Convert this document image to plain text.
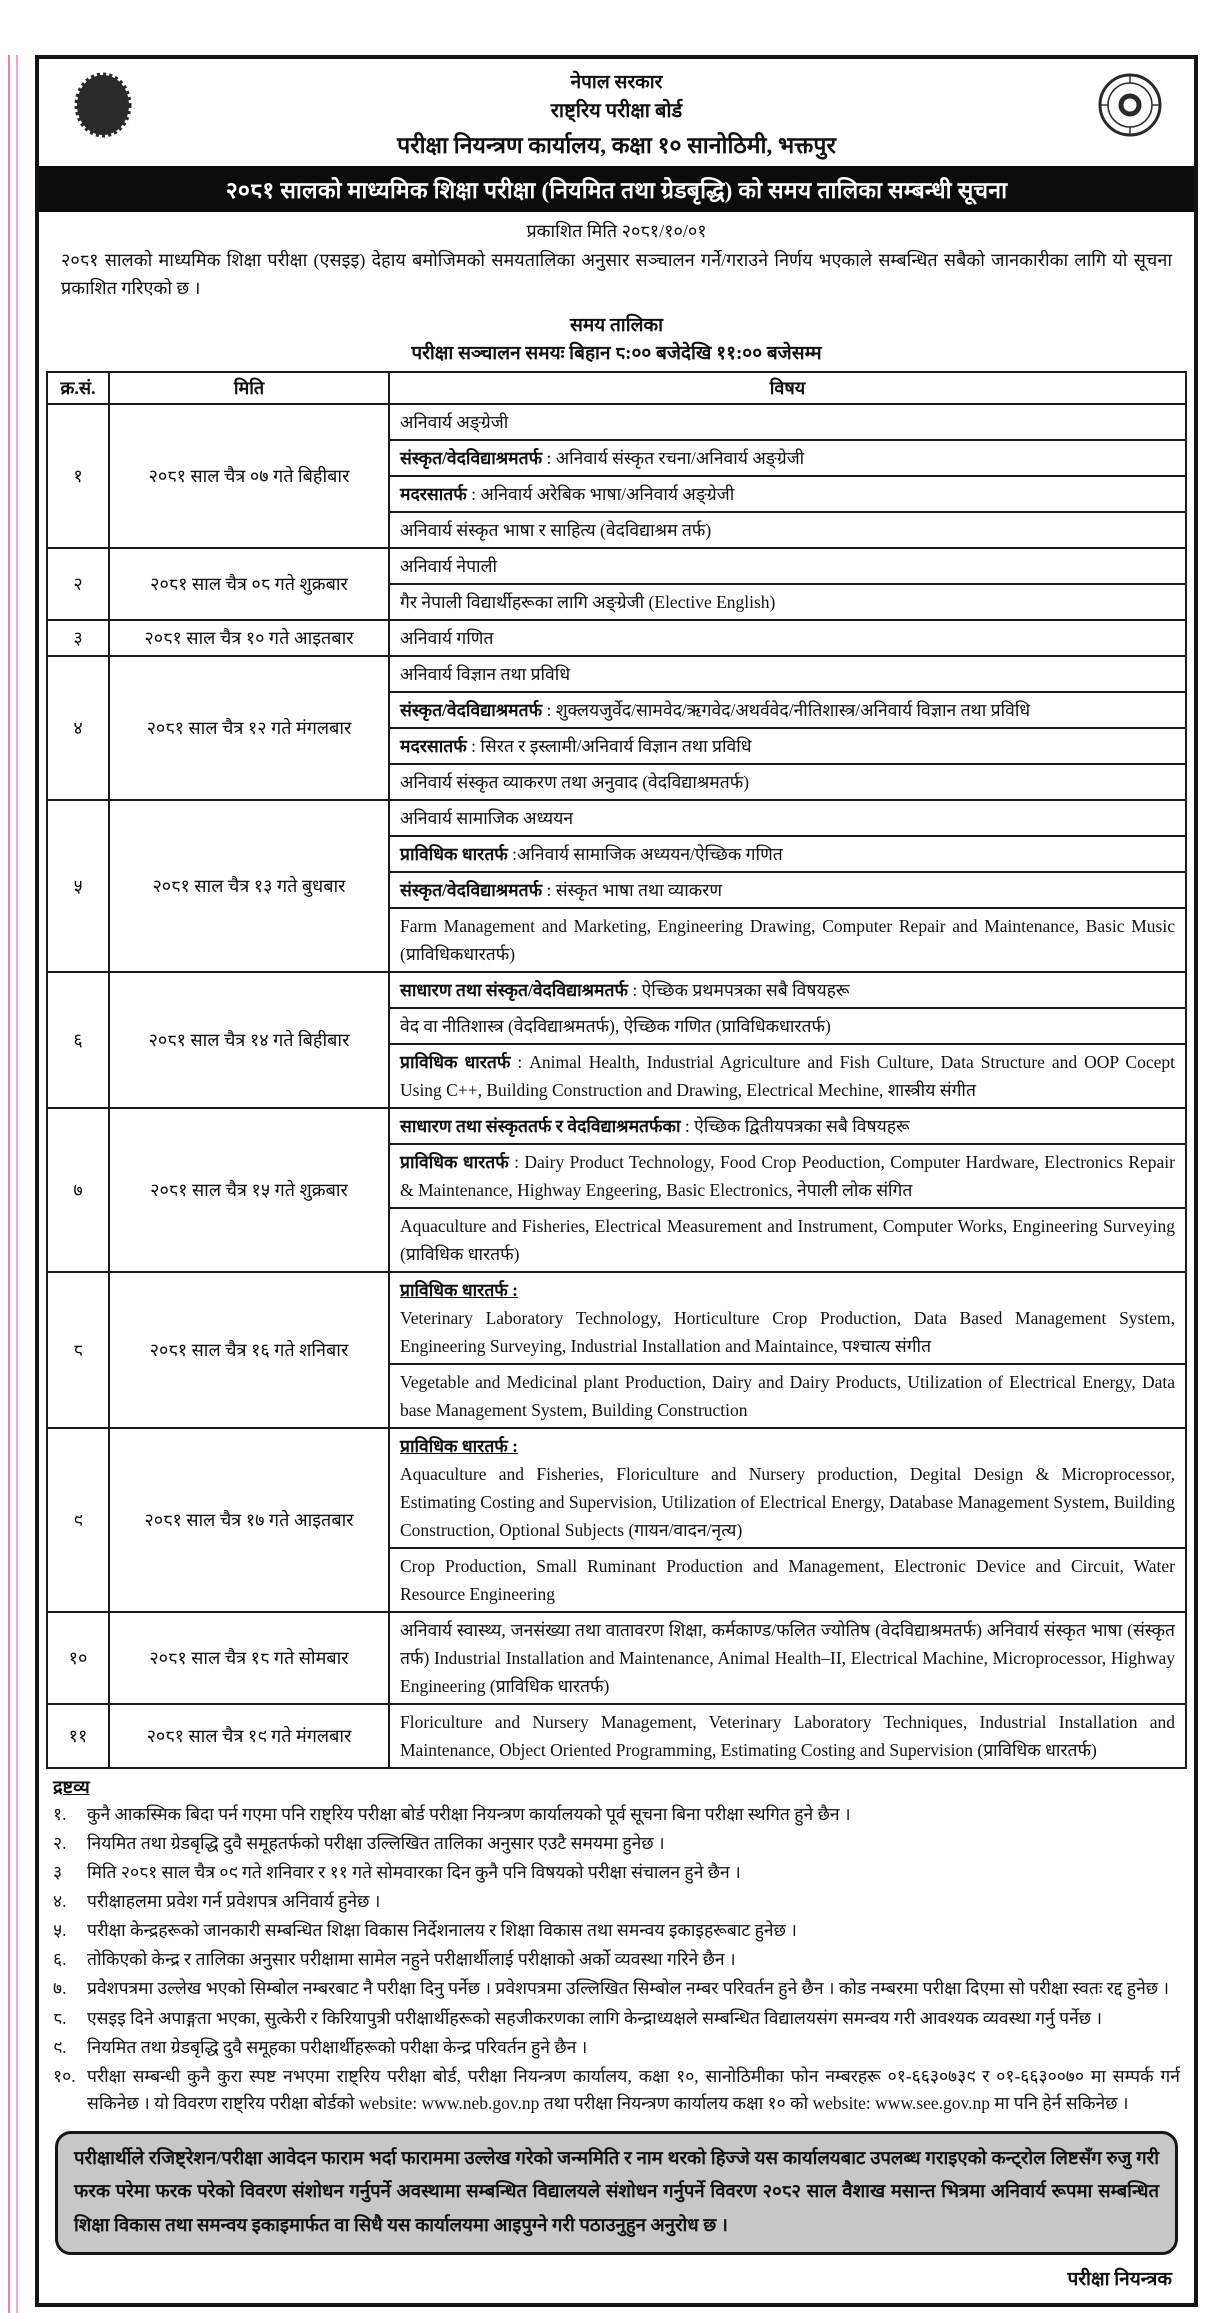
नेपाल सरकार
राष्ट्रिय परीक्षा बोर्ड
परीक्षा नियन्त्रण कार्यालय, कक्षा १० सानोठिमी, भक्तपुर
२०८१ सालको माध्यमिक शिक्षा परीक्षा (नियमित तथा ग्रेडबृद्धि) को समय तालिका सम्बन्धी सूचना
प्रकाशित मिति २०८१/१०/०१

२०८१ सालको माध्यमिक शिक्षा परीक्षा (एसइइ) देहाय बमोजिमको समयतालिका अनुसार सञ्चालन गर्ने/गराउने निर्णय भएकाले सम्बन्धित सबैको जानकारीका लागि यो सूचना प्रकाशित गरिएको छ ।

समय तालिका
परीक्षा सञ्चालन समयः बिहान ८:०० बजेदेखि ११:०० बजेसम्म
क्र.सं.	मिति	विषय
१	२०८१ साल चैत्र ०७ गते बिहीबार	अनिवार्य अङ्ग्रेजी
		संस्कृत/वेदविद्याश्रमतर्फ : अनिवार्य संस्कृत रचना/अनिवार्य अङ्ग्रेजी
		मदरसातर्फ : अनिवार्य अरेबिक भाषा/अनिवार्य अङ्ग्रेजी
		अनिवार्य संस्कृत भाषा र साहित्य (वेदविद्याश्रम तर्फ)
२	२०८१ साल चैत्र ०८ गते शुक्रबार	अनिवार्य नेपाली
		गैर नेपाली विद्यार्थीहरूका लागि अङ्ग्रेजी (Elective English)
३	२०८१ साल चैत्र १० गते आइतबार	अनिवार्य गणित
४	२०८१ साल चैत्र १२ गते मंगलबार	अनिवार्य विज्ञान तथा प्रविधि
		संस्कृत/वेदविद्याश्रमतर्फ : शुक्लयजुर्वेद/सामवेद/ऋगवेद/अथर्ववेद/नीतिशास्त्र/अनिवार्य विज्ञान तथा प्रविधि
		मदरसातर्फ : सिरत र इस्लामी/अनिवार्य विज्ञान तथा प्रविधि
		अनिवार्य संस्कृत व्याकरण तथा अनुवाद (वेदविद्याश्रमतर्फ)
५	२०८१ साल चैत्र १३ गते बुधबार	अनिवार्य सामाजिक अध्ययन
		प्राविधिक धारतर्फ :अनिवार्य सामाजिक अध्ययन/ऐच्छिक गणित
		संस्कृत/वेदविद्याश्रमतर्फ : संस्कृत भाषा तथा व्याकरण
		Farm Management and Marketing, Engineering Drawing, Computer Repair and Maintenance, Basic Music (प्राविधिकधारतर्फ)
६	२०८१ साल चैत्र १४ गते बिहीबार	साधारण तथा संस्कृत/वेदविद्याश्रमतर्फ : ऐच्छिक प्रथमपत्रका सबै विषयहरू
		वेद वा नीतिशास्त्र (वेदविद्याश्रमतर्फ), ऐच्छिक गणित (प्राविधिकधारतर्फ)
		प्राविधिक धारतर्फ : Animal Health, Industrial Agriculture and Fish Culture, Data Structure and OOP Cocept Using C++, Building Construction and Drawing, Electrical Mechine, शास्त्रीय संगीत
७	२०८१ साल चैत्र १५ गते शुक्रबार	साधारण तथा संस्कृततर्फ र वेदविद्याश्रमतर्फका : ऐच्छिक द्वितीयपत्रका सबै विषयहरू
		प्राविधिक धारतर्फ : Dairy Product Technology, Food Crop Peoduction, Computer Hardware, Electronics Repair & Maintenance, Highway Engeering, Basic Electronics, नेपाली लोक संगित
		Aquaculture and Fisheries, Electrical Measurement and Instrument, Computer Works, Engineering Surveying (प्राविधिक धारतर्फ)
८	२०८१ साल चैत्र १६ गते शनिबार	प्राविधिक धारतर्फ :
Veterinary Laboratory Technology, Horticulture Crop Production, Data Based Management System, Engineering Surveying, Industrial Installation and Maintaince, पश्चात्य संगीत
		Vegetable and Medicinal plant Production, Dairy and Dairy Products, Utilization of Electrical Energy, Data base Management System, Building Construction
९	२०८१ साल चैत्र १७ गते आइतबार	प्राविधिक धारतर्फ :
Aquaculture and Fisheries, Floriculture and Nursery production, Degital Design & Microprocessor, Estimating Costing and Supervision, Utilization of Electrical Energy, Database Management System, Building Construction, Optional Subjects (गायन/वादन/नृत्य)
		Crop Production, Small Ruminant Production and Management, Electronic Device and Circuit, Water Resource Engineering
१०	२०८१ साल चैत्र १८ गते सोमबार	अनिवार्य स्वास्थ्य, जनसंख्या तथा वातावरण शिक्षा, कर्मकाण्ड/फलित ज्योतिष (वेदविद्याश्रमतर्फ) अनिवार्य संस्कृत भाषा (संस्कृत तर्फ) Industrial Installation and Maintenance, Animal Health–II, Electrical Machine, Microprocessor, Highway Engineering (प्राविधिक धारतर्फ)
११	२०८१ साल चैत्र १९ गते मंगलबार	Floriculture and Nursery Management, Veterinary Laboratory Techniques, Industrial Installation and Maintenance, Object Oriented Programming, Estimating Costing and Supervision (प्राविधिक धारतर्फ)
द्रष्टव्य
१.	कुनै आकस्मिक बिदा पर्न गएमा पनि राष्ट्रिय परीक्षा बोर्ड परीक्षा नियन्त्रण कार्यालयको पूर्व सूचना बिना परीक्षा स्थगित हुने छैन ।
२.	नियमित तथा ग्रेडबृद्धि दुवै समूहतर्फको परीक्षा उल्लिखित तालिका अनुसार एउटै समयमा हुनेछ ।
३	मिति २०८१ साल चैत्र ०९ गते शनिवार र ११ गते सोमवारका दिन कुनै पनि विषयको परीक्षा संचालन हुने छैन ।
४.	परीक्षाहलमा प्रवेश गर्न प्रवेशपत्र अनिवार्य हुनेछ ।
५.	परीक्षा केन्द्रहरूको जानकारी सम्बन्धित शिक्षा विकास निर्देशनालय र शिक्षा विकास तथा समन्वय इकाइहरूबाट हुनेछ ।
६.	तोकिएको केन्द्र र तालिका अनुसार परीक्षामा सामेल नहुने परीक्षार्थीलाई परीक्षाको अर्को व्यवस्था गरिने छैन ।
७.	प्रवेशपत्रमा उल्लेख भएको सिम्बोल नम्बरबाट नै परीक्षा दिनु पर्नेछ । प्रवेशपत्रमा उल्लिखित सिम्बोल नम्बर परिवर्तन हुने छैन । कोड नम्बरमा परीक्षा दिएमा सो परीक्षा स्वतः रद्द हुनेछ ।
८.	एसइइ दिने अपाङ्गता भएका, सुत्केरी र किरियापुत्री परीक्षार्थीहरूको सहजीकरणका लागि केन्द्राध्यक्षले सम्बन्धित विद्यालयसंग समन्वय गरी आवश्यक व्यवस्था गर्नु पर्नेछ ।
९.	नियमित तथा ग्रेडबृद्धि दुवै समूहका परीक्षार्थीहरूको परीक्षा केन्द्र परिवर्तन हुने छैन ।
१०. परीक्षा सम्बन्धी कुनै कुरा स्पष्ट नभएमा राष्ट्रिय परीक्षा बोर्ड, परीक्षा नियन्त्रण कार्यालय, कक्षा १०, सानोठिमीका फोन नम्बरहरू ०१-६६३०७३९ र ०१-६६३००७० मा सम्पर्क गर्न सकिनेछ । यो विवरण राष्ट्रिय परीक्षा बोर्डको website: www.neb.gov.np तथा परीक्षा नियन्त्रण कार्यालय कक्षा १० को website: www.see.gov.np मा पनि हेर्न सकिनेछ ।
परीक्षार्थीले रजिष्ट्रेशन/परीक्षा आवेदन फाराम भर्दा फाराममा उल्लेख गरेको जन्ममिति र नाम थरको हिज्जे यस कार्यालयबाट उपलब्ध गराइएको कन्ट्रोल लिष्टसँग रुजु गरी फरक परेमा फरक परेको विवरण संशोधन गर्नुपर्ने अवस्थामा सम्बन्धित विद्यालयले संशोधन गर्नुपर्ने विवरण २०८२ साल वैशाख मसान्त भित्रमा अनिवार्य रूपमा सम्बन्धित शिक्षा विकास तथा समन्वय इकाइमार्फत वा सिधै यस कार्यालयमा आइपुग्ने गरी पठाउनुहुन अनुरोध छ ।
परीक्षा नियन्त्रक
